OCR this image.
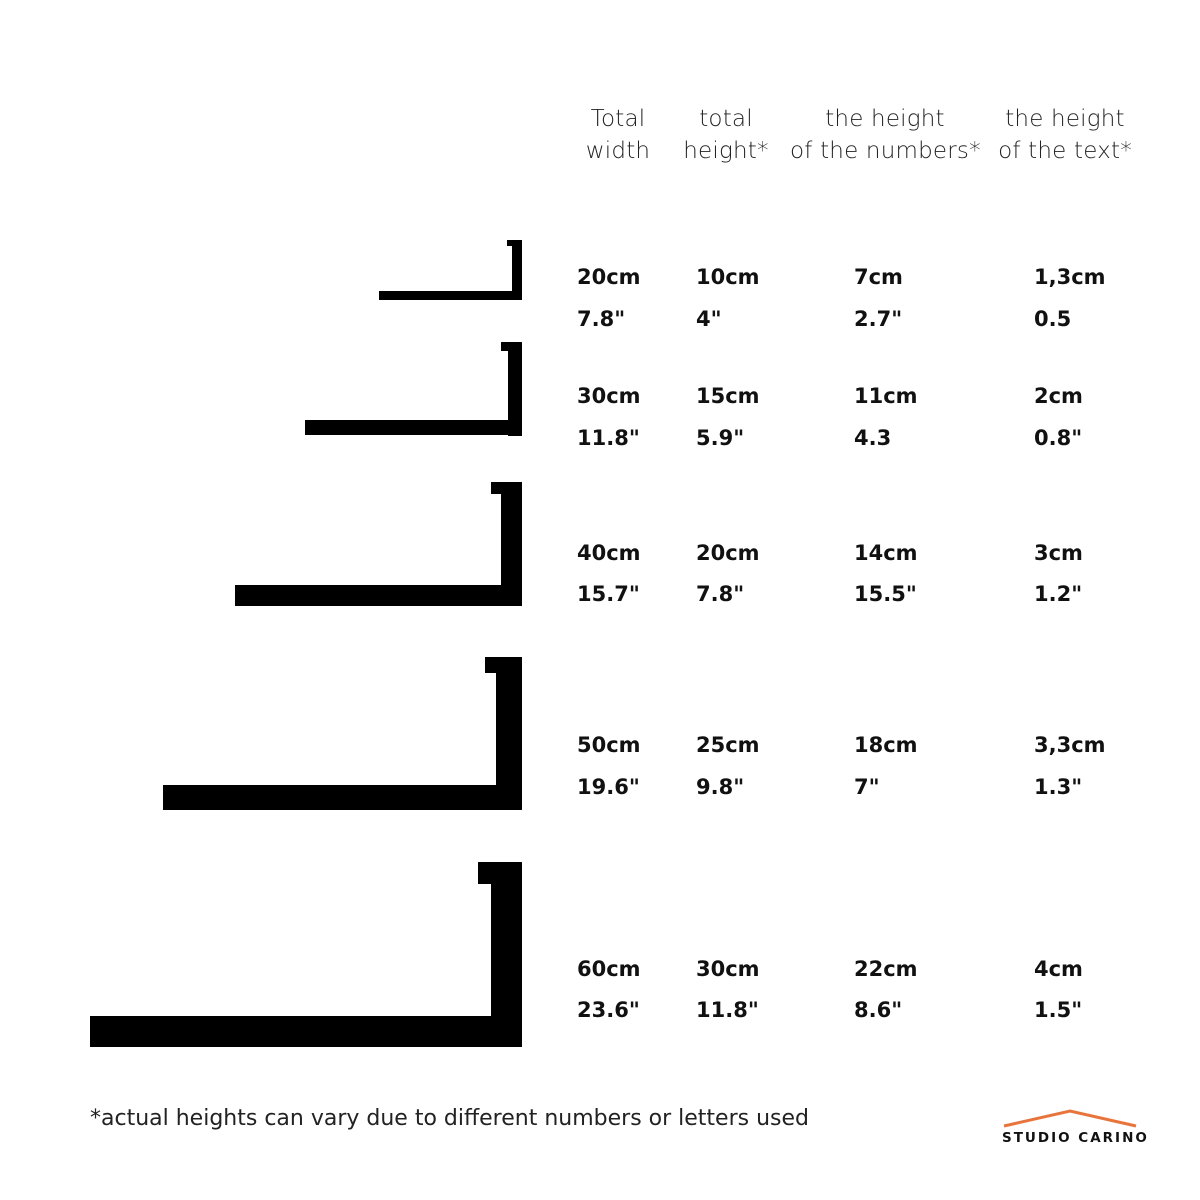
Total
width
total
height*
the height
of the numbers*
the height
of the text*
20cm
7.8"
10cm
4"
7cm
2.7"
1,3cm
0.5
30cm
11.8"
15cm
5.9"
11cm
4.3
2cm
0.8"
40cm
15.7"
20cm
7.8"
14cm
15.5"
3cm
1.2"
50cm
19.6"
25cm
9.8"
18cm
7"
3,3cm
1.3"
60cm
23.6"
30cm
11.8"
22cm
8.6"
4cm
1.5"
*actual heights can vary due to different numbers or letters used
STUDIO CARINO
